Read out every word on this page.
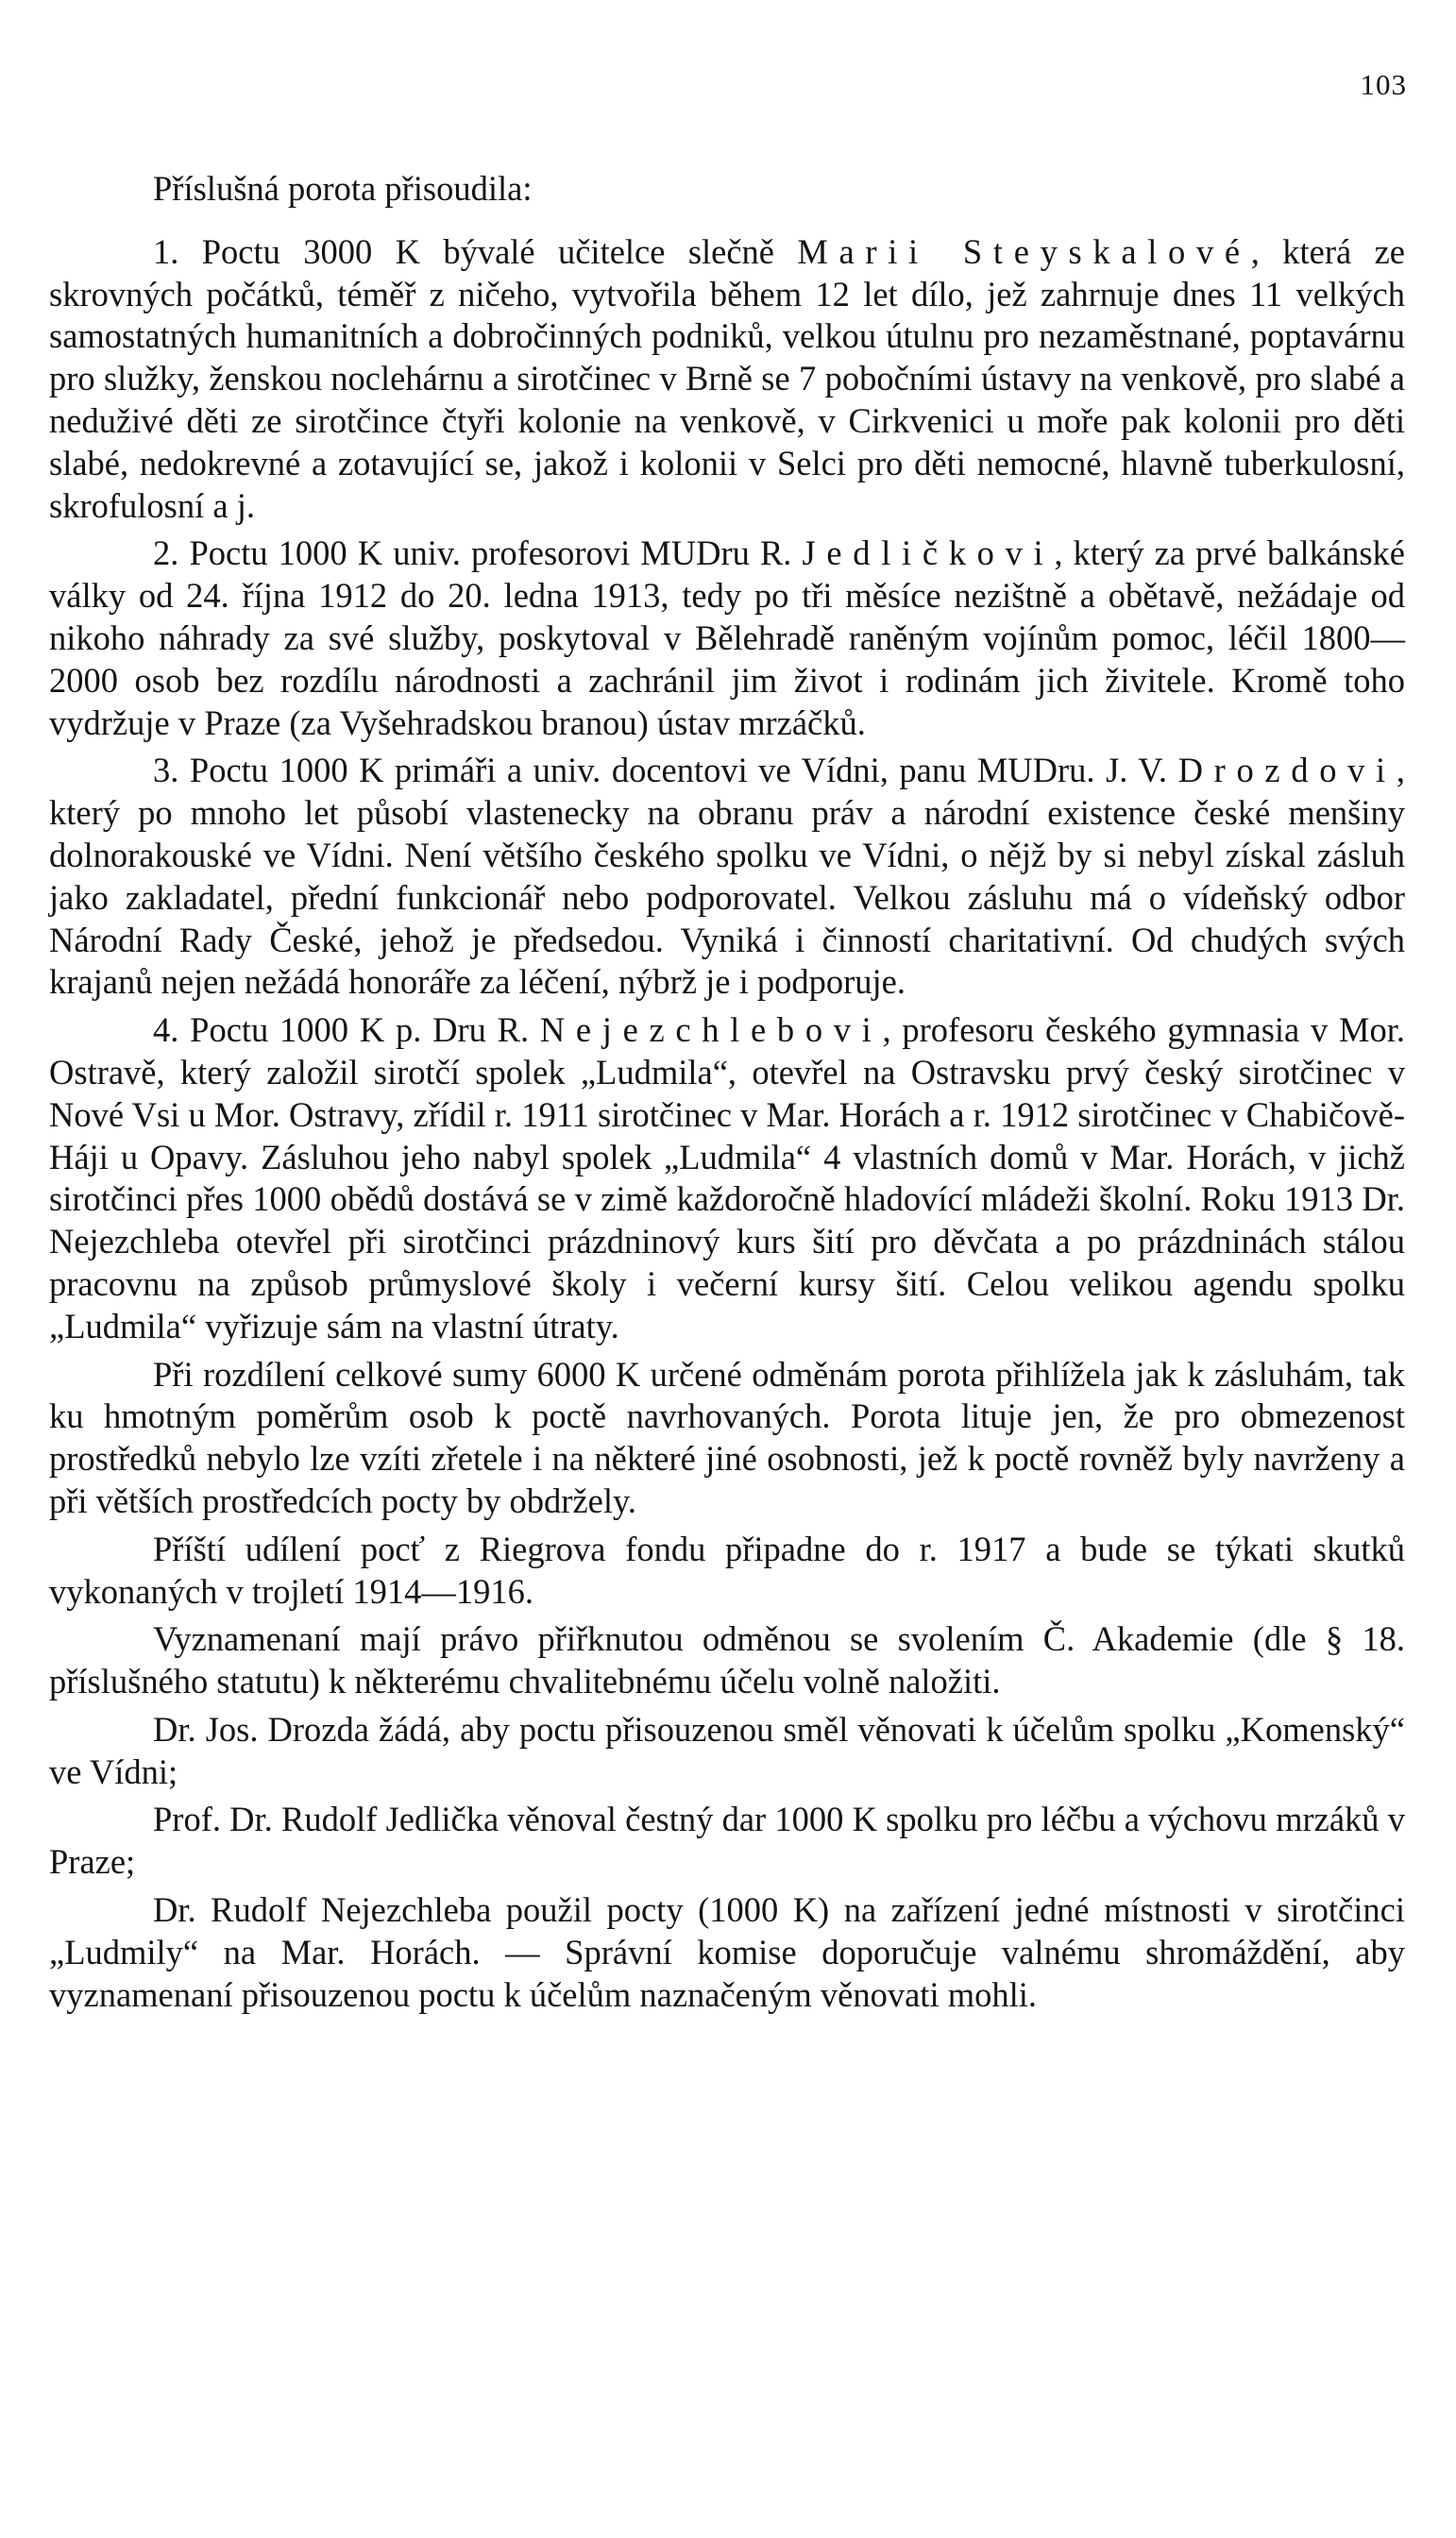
103

Příslušná porota přisoudila:

1. Poctu 3000 K bývalé učitelce slečně Marii Steyskalové, která ze skrovných počátků, téměř z ničeho, vytvořila během 12 let dílo, jež zahrnuje dnes 11 velkých samostatných humanitních a dobročinných podniků, velkou útulnu pro nezaměstnané, poptavárnu pro služky, ženskou noclehárnu a sirotčinec v Brně se 7 pobočními ústavy na venkově, pro slabé a neduživé děti ze sirotčince čtyři kolonie na venkově, v Cirkvenici u moře pak kolonii pro děti slabé, nedokrevné a zotavující se, jakož i kolonii v Selci pro děti nemocné, hlavně tuberkulosní, skrofulosní a j.

2. Poctu 1000 K univ. profesorovi MUDru R. Jedličkovi, který za prvé balkánské války od 24. října 1912 do 20. ledna 1913, tedy po tři měsíce nezištně a obětavě, nežádaje od nikoho náhrady za své služby, poskytoval v Bělehradě raněným vojínům pomoc, léčil 1800—2000 osob bez rozdílu národnosti a zachránil jim život i rodinám jich živitele. Kromě toho vydržuje v Praze (za Vyšehradskou branou) ústav mrzáčků.

3. Poctu 1000 K primáři a univ. docentovi ve Vídni, panu MUDru. J. V. Drozdovi, který po mnoho let působí vlastenecky na obranu práv a národní existence české menšiny dolnorakouské ve Vídni. Není většího českého spolku ve Vídni, o nějž by si nebyl získal zásluh jako zakladatel, přední funkcionář nebo podporovatel. Velkou zásluhu má o vídeňský odbor Národní Rady České, jehož je předsedou. Vyniká i činností charitativní. Od chudých svých krajanů nejen nežádá honoráře za léčení, nýbrž je i podporuje.

4. Poctu 1000 K p. Dru R. Nejezchlebovi, profesoru českého gymnasia v Mor. Ostravě, který založil sirotčí spolek „Ludmila“, otevřel na Ostravsku prvý český sirotčinec v Nové Vsi u Mor. Ostravy, zřídil r. 1911 sirotčinec v Mar. Horách a r. 1912 sirotčinec v Chabičově-Háji u Opavy. Zásluhou jeho nabyl spolek „Ludmila“ 4 vlastních domů v Mar. Horách, v jichž sirotčinci přes 1000 obědů dostává se v zimě každoročně hladovící mládeži školní. Roku 1913 Dr. Nejezchleba otevřel při sirotčinci prázdninový kurs šití pro děvčata a po prázdninách stálou pracovnu na způsob průmyslové školy i večerní kursy šití. Celou velikou agendu spolku „Ludmila“ vyřizuje sám na vlastní útraty.

Při rozdílení celkové sumy 6000 K určené odměnám porota přihlížela jak k zásluhám, tak ku hmotným poměrům osob k poctě navrhovaných. Porota lituje jen, že pro obmezenost prostředků nebylo lze vzíti zřetele i na některé jiné osobnosti, jež k poctě rovněž byly navrženy a při větších prostředcích pocty by obdržely.

Příští udílení pocť z Riegrova fondu připadne do r. 1917 a bude se týkati skutků vykonaných v trojletí 1914—1916.

Vyznamenaní mají právo přiřknutou odměnou se svolením Č. Akademie (dle § 18. příslušného statutu) k některému chvalitebnému účelu volně naložiti.

Dr. Jos. Drozda žádá, aby poctu přisouzenou směl věnovati k účelům spolku „Komenský“ ve Vídni;

Prof. Dr. Rudolf Jedlička věnoval čestný dar 1000 K spolku pro léčbu a výchovu mrzáků v Praze;

Dr. Rudolf Nejezchleba použil pocty (1000 K) na zařízení jedné místnosti v sirotčinci „Ludmily“ na Mar. Horách. — Správní komise doporučuje valnému shromáždění, aby vyznamenaní přisouzenou poctu k účelům naznačeným věnovati mohli.
